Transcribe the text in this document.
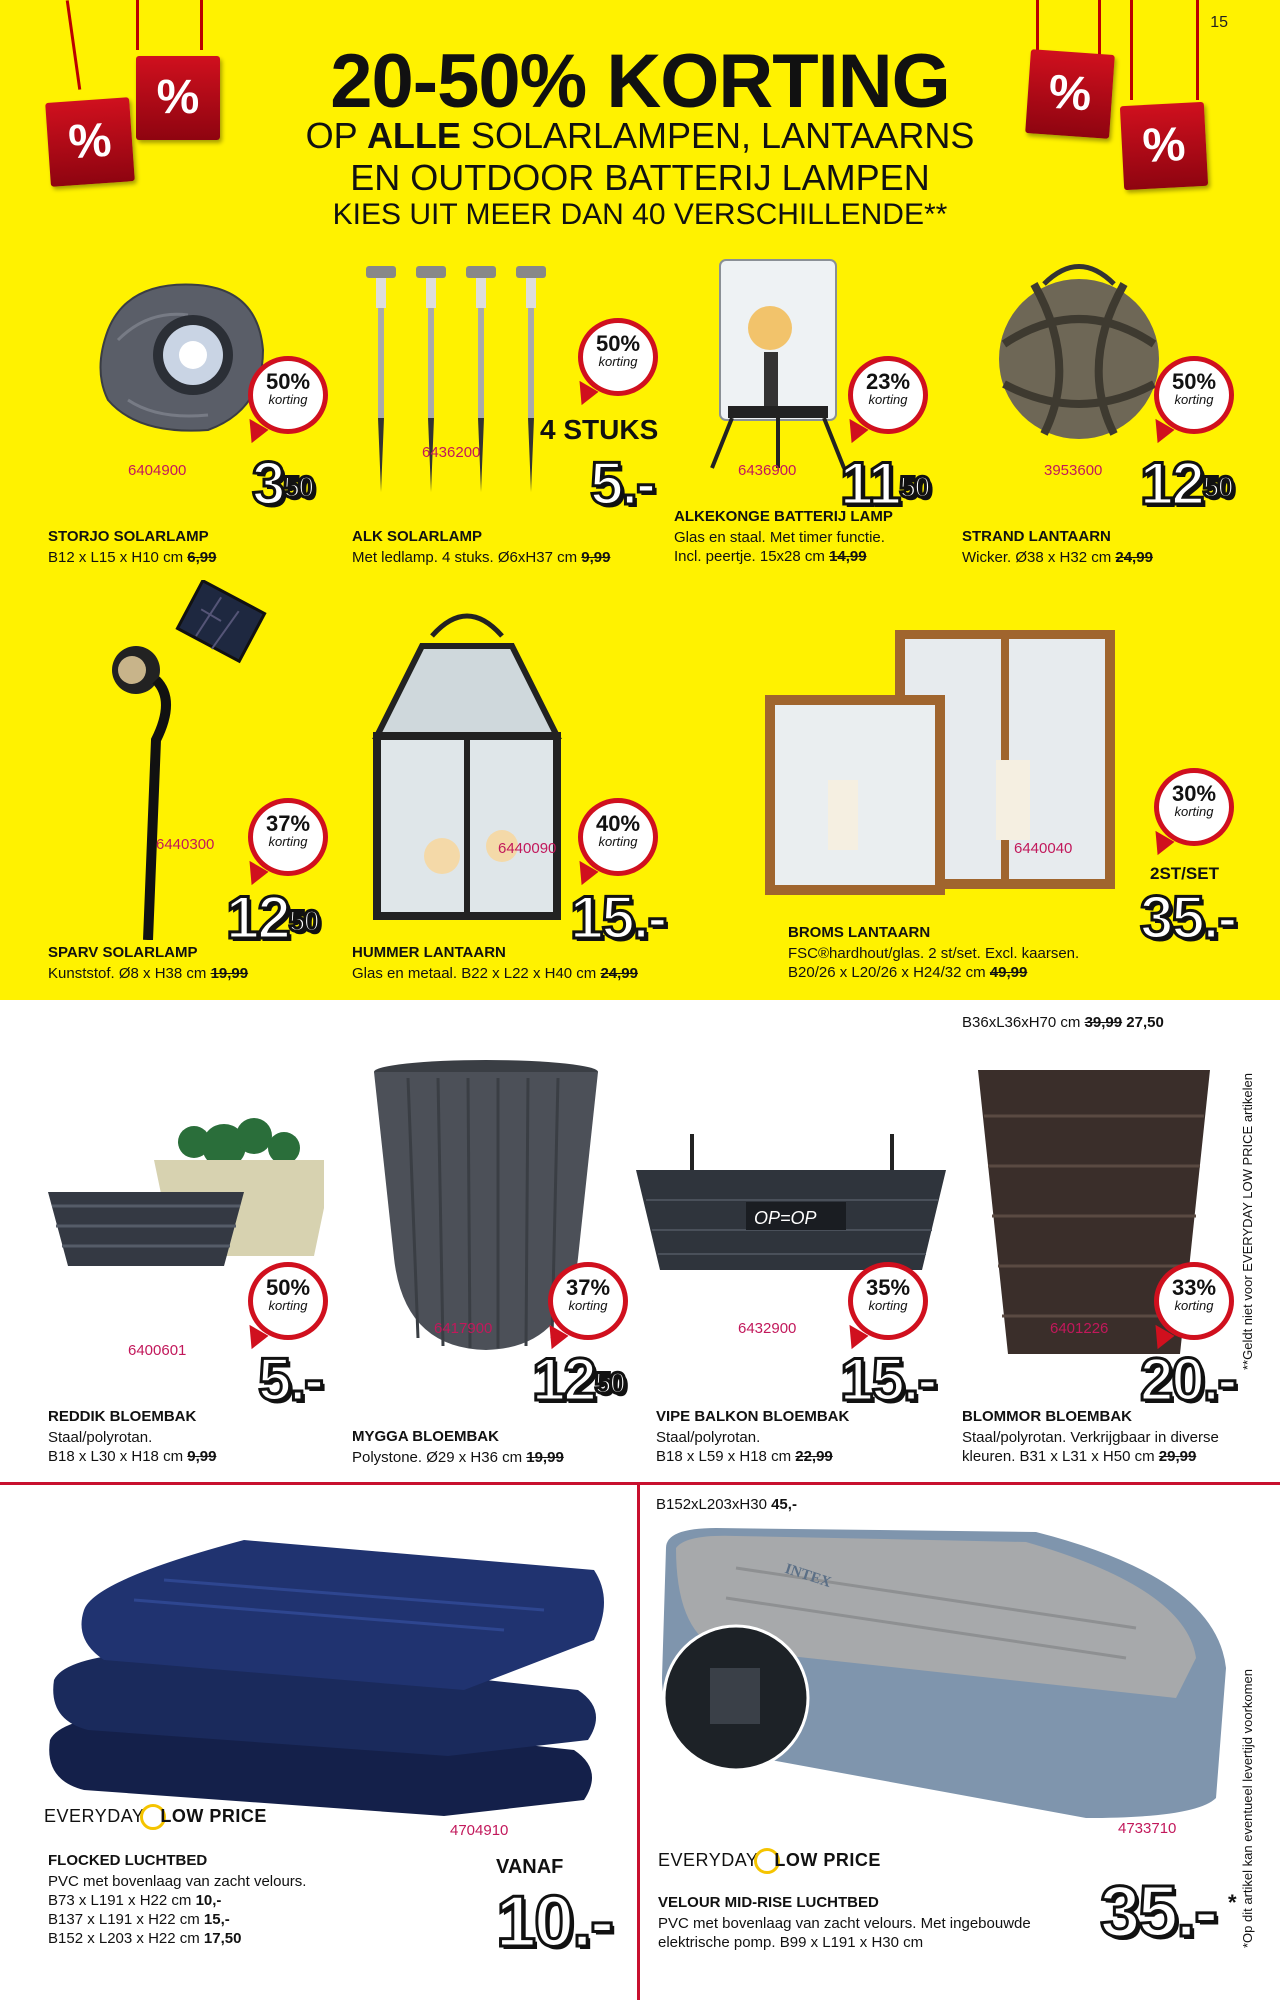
15
%
%	%
%
20-50% KORTING
OP ALLE SOLARLAMPEN, LANTAARNS
EN OUTDOOR BATTERIJ LAMPEN
KIES UIT MEER DAN 40 VERSCHILLENDE**
50%
korting
50%
korting
23%
korting
50%
korting
6404900
6436200
6436900	3953600
$3^{50}$
4 STUKS
5.-	$11^{50}$	$12^{50}$
STORJO SOLARLAMP
B12 x L15 x H10 cm 6,99
ALK SOLARLAMP
Met ledlamp. 4 stuks. Ø6xH37 cm 9,99
ALKEKONGE BATTERIJ LAMP
Glas en staal. Met timer functie.
Incl. peertje. 15x28 cm 14,99
STRAND LANTAARN
Wicker. Ø38 x H32 cm 24,99
37%
korting
40%
korting
30%
korting
6440300	6440090	6440040
$12^{50}$	15.-
2ST/SET
35.-
SPARV SOLARLAMP
Kunststof. Ø8 x H38 cm 19,99
HUMMER LANTAARN
Glas en metaal. B22 x L22 x H40 cm 24,99
BROMS LANTAARN
FSC®hardhout/glas. 2 st/set. Excl. kaarsen.
B20/26 x L20/26 x H24/32 cm 49,99
B36xL36xH70 cm 39,99 27,50
OP=OP
50%
korting
37%
korting
35%
korting
33%
korting
6400601
6417900	6432900	6401226
5.-	$12^{50}$	15.-	20.-
REDDIK BLOEMBAK
Staal/polyrotan.
B18 x L30 x H18 cm 9,99
MYGGA BLOEMBAK
Polystone. Ø29 x H36 cm 19,99
VIPE BALKON BLOEMBAK
Staal/polyrotan.
B18 x L59 x H18 cm 22,99
BLOMMOR BLOEMBAK
Staal/polyrotan. Verkrijgbaar in diverse
kleuren. B31 x L31 x H50 cm 29,99
**Geldt niet voor EVERYDAY LOW PRICE artikelen
EVERYDAY LOW PRICE
4704910
FLOCKED LUCHTBED
PVC met bovenlaag van zacht velours.
B73 x L191 x H22 cm 10,-
B137 x L191 x H22 cm 15,-
B152 x L203 x H22 cm 17,50
VANAF
10.-
B152xL203xH30 45,-
INTEX
4733710
EVERYDAY LOW PRICE
VELOUR MID-RISE LUCHTBED
PVC met bovenlaag van zacht velours. Met ingebouwde
elektrische pomp. B99 x L191 x H30 cm	35.- * *Op dit artikel kan eventueel levertijd voorkomen
